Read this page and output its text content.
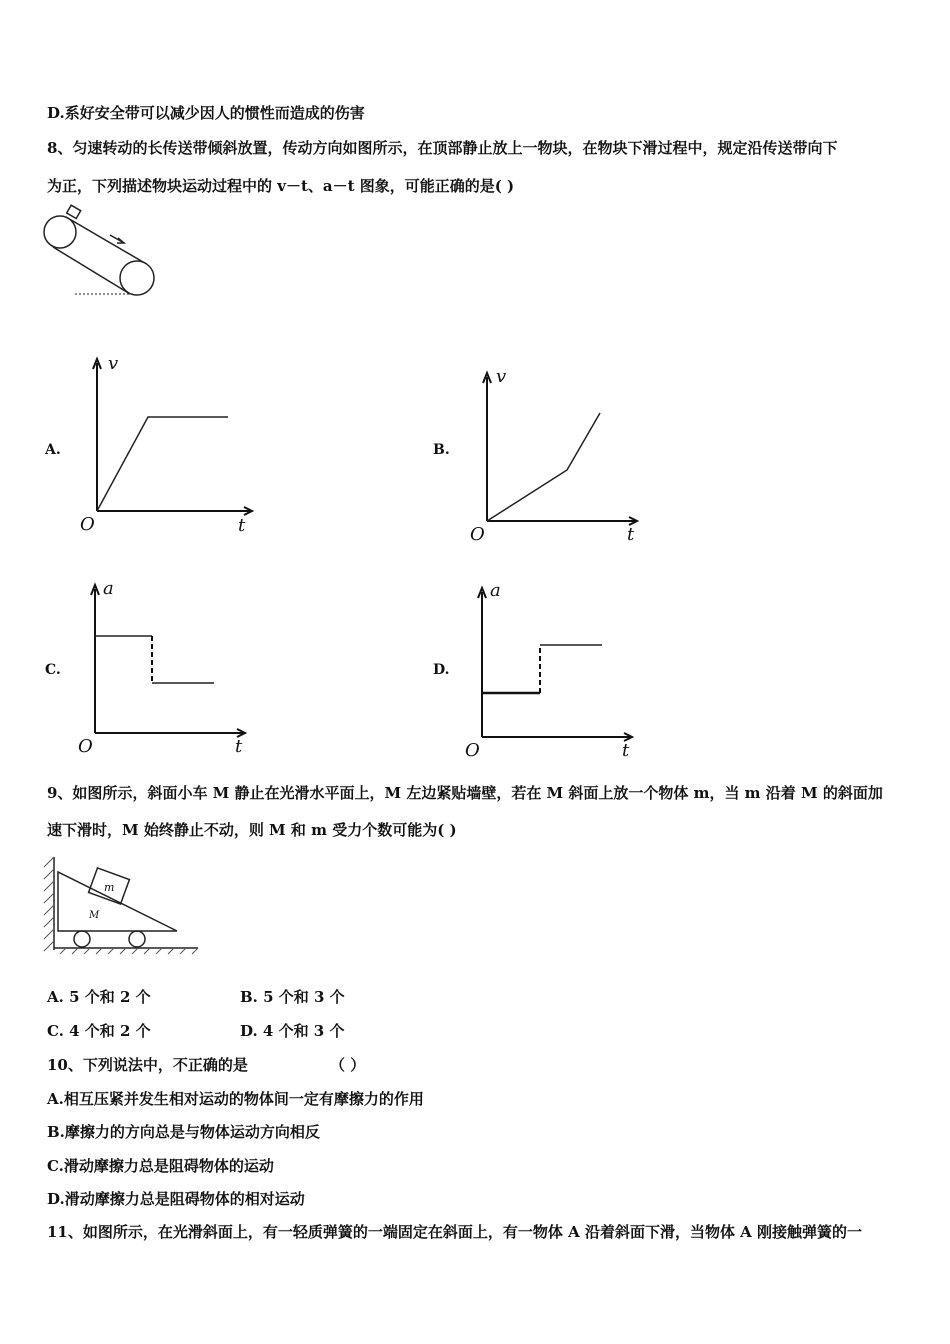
D.系好安全带可以减少因人的惯性而造成的伤害
8、匀速转动的长传送带倾斜放置，传动方向如图所示，在顶部静止放上一物块，在物块下滑过程中，规定沿传送带向下
为正，下列描述物块运动过程中的 v－t、a－t 图象，可能正确的是( )
A.
v
t
O
B.
v
t
O
C.
a
t
O
D.
a
t
O
9、如图所示，斜面小车 M 静止在光滑水平面上，M 左边紧贴墙壁，若在 M 斜面上放一个物体 m，当 m 沿着 M 的斜面加
速下滑时，M 始终静止不动，则 M 和 m 受力个数可能为( )
m
M
A. 5 个和 2 个	B. 5 个和 3 个
C. 4 个和 2 个	D. 4 个和 3 个
10、下列说法中，不正确的是	（ ）
A.相互压紧并发生相对运动的物体间一定有摩擦力的作用
B.摩擦力的方向总是与物体运动方向相反
C.滑动摩擦力总是阻碍物体的运动
D.滑动摩擦力总是阻碍物体的相对运动
11、如图所示，在光滑斜面上，有一轻质弹簧的一端固定在斜面上，有一物体 A 沿着斜面下滑，当物体 A 刚接触弹簧的一
